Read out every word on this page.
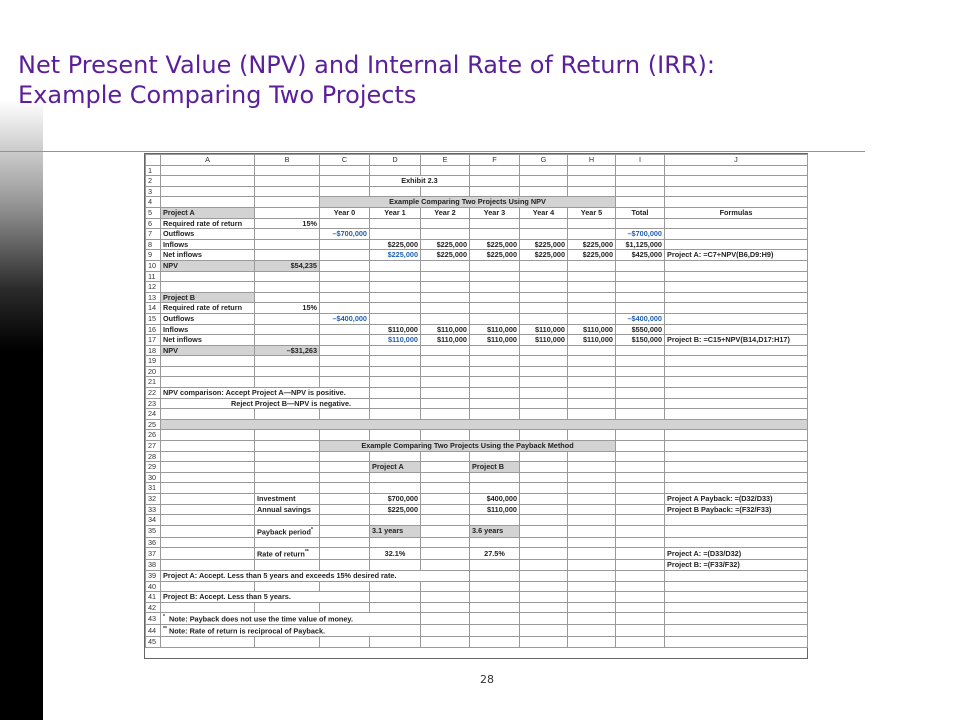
Net Present Value (NPV) and Internal Rate of Return (IRR):
Example Comparing Two Projects
	A	B	C	D	E	F	G	H	I	J
1										
2				Exhibit 2.3						
3										
4			Example Comparing Two Projects Using NPV							
5	Project A		Year 0	Year 1	Year 2	Year 3	Year 4	Year 5	Total	Formulas
6	Required rate of return	15%								
7	Outflows		–$700,000						–$700,000	
8	Inflows			$225,000	$225,000	$225,000	$225,000	$225,000	$1,125,000	
9	Net inflows			$225,000	$225,000	$225,000	$225,000	$225,000	$425,000	Project A: =C7+NPV(B6,D9:H9)
10	NPV	$54,235								
11										
12										
13	Project B									
14	Required rate of return	15%								
15	Outflows		–$400,000						–$400,000	
16	Inflows			$110,000	$110,000	$110,000	$110,000	$110,000	$550,000	
17	Net inflows			$110,000	$110,000	$110,000	$110,000	$110,000	$150,000	Project B: =C15+NPV(B14,D17:H17)
18	NPV	–$31,263								
19										
20										
21										
22	NPV comparison: Accept Project A—NPV is positive.									
23	Reject Project B—NPV is negative.									
24										
25										
26										
27			Example Comparing Two Projects Using the Payback Method							
28										
29				Project A		Project B				
30										
31										
32		Investment		$700,000		$400,000				Project A Payback: =(D32/D33)
33		Annual savings		$225,000		$110,000				Project B Payback: =(F32/F33)
34										
35		Payback period*		3.1 years		3.6 years				
36										
37		Rate of return**		32.1%		27.5%				Project A: =(D33/D32)
38										Project B: =(F33/F32)
39	Project A: Accept. Less than 5 years and exceeds 15% desired rate.									
40										
41	Project B: Accept. Less than 5 years.									
42										
43	* Note: Payback does not use the time value of money.									
44	** Note: Rate of return is reciprocal of Payback.									
45										
28
